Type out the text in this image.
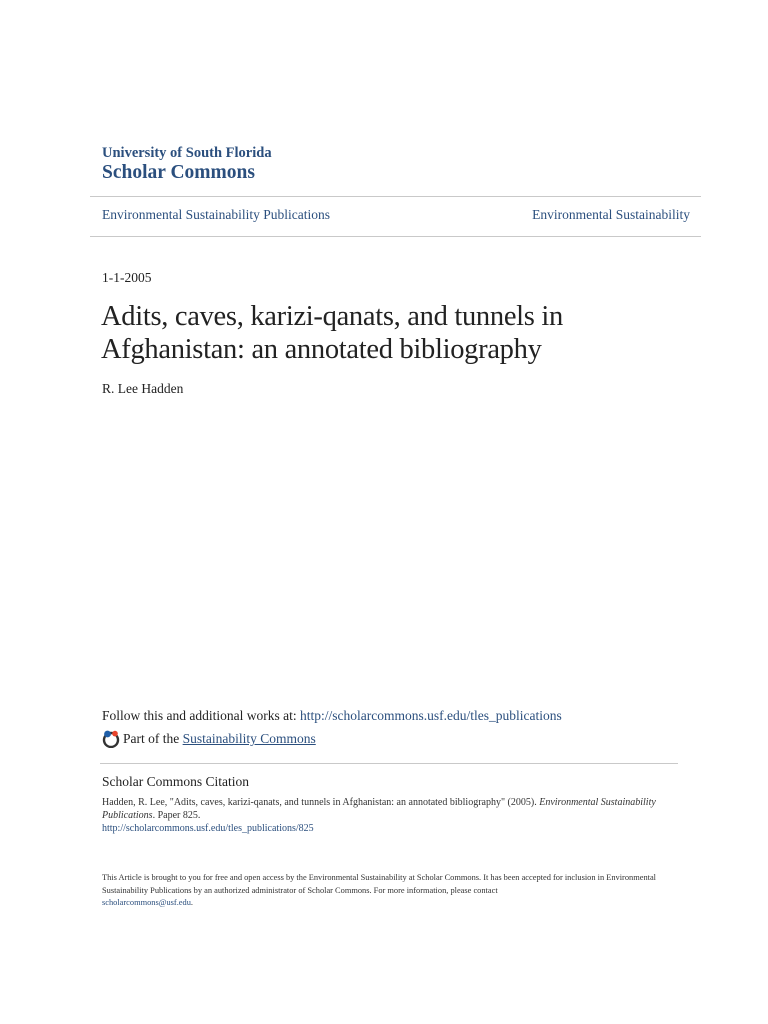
University of South Florida
Scholar Commons
Environmental Sustainability Publications	Environmental Sustainability
1-1-2005
Adits, caves, karizi-qanats, and tunnels in Afghanistan: an annotated bibliography
R. Lee Hadden
Follow this and additional works at: http://scholarcommons.usf.edu/tles_publications
Part of the Sustainability Commons
Scholar Commons Citation
Hadden, R. Lee, "Adits, caves, karizi-qanats, and tunnels in Afghanistan: an annotated bibliography" (2005). Environmental Sustainability Publications. Paper 825.
http://scholarcommons.usf.edu/tles_publications/825
This Article is brought to you for free and open access by the Environmental Sustainability at Scholar Commons. It has been accepted for inclusion in Environmental Sustainability Publications by an authorized administrator of Scholar Commons. For more information, please contact
scholarcommons@usf.edu.
